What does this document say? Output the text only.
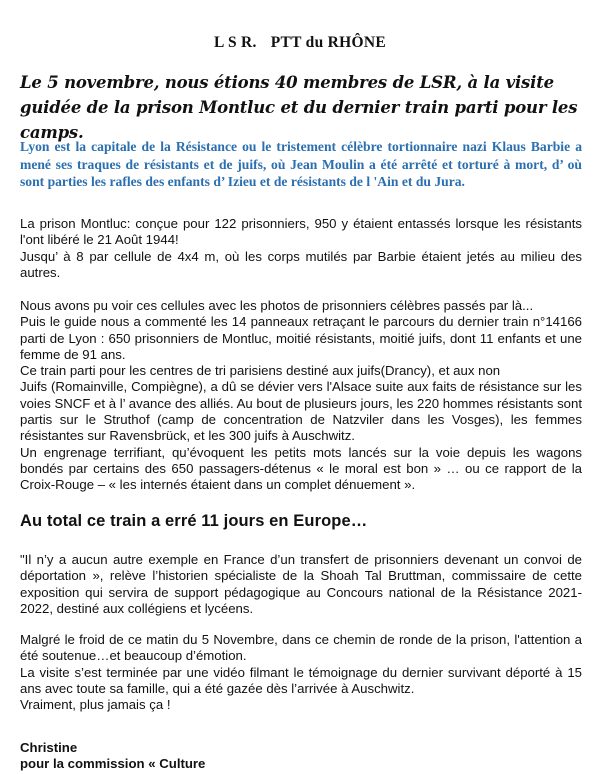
L S R. PTT du RHÔNE
Le 5 novembre, nous étions 40 membres de LSR, à la visite guidée de la prison Montluc et du dernier train parti pour les camps.
Lyon est la capitale de la Résistance ou le tristement célèbre tortionnaire nazi Klaus Barbie a mené ses traques de résistants et de juifs, où Jean Moulin a été arrêté et torturé à mort, d’ où sont parties les rafles des enfants d’ Izieu et de résistants de l 'Ain et du Jura.

La prison Montluc: conçue pour 122 prisonniers, 950 y étaient entassés lorsque les résistants l'ont libéré le 21 Août 1944!

Jusqu’ à 8 par cellule de 4x4 m, où les corps mutilés par Barbie étaient jetés au milieu des autres.

Nous avons pu voir ces cellules avec les photos de prisonniers célèbres passés par là...

Puis le guide nous a commenté les 14 panneaux retraçant le parcours du dernier train n°14166 parti de Lyon : 650 prisonniers de Montluc, moitié résistants, moitié juifs, dont 11 enfants et une femme de 91 ans.

Ce train parti pour les centres de tri parisiens destiné aux juifs(Drancy), et aux non

Juifs (Romainville, Compiègne), a dû se dévier vers l'Alsace suite aux faits de résistance sur les voies SNCF et à l’ avance des alliés. Au bout de plusieurs jours, les 220 hommes résistants sont partis sur le Struthof (camp de concentration de Natzviler dans les Vosges), les femmes résistantes sur Ravensbrück, et les 300 juifs à Auschwitz.

Un engrenage terrifiant, qu’évoquent les petits mots lancés sur la voie depuis les wagons bondés par certains des 650 passagers-détenus « le moral est bon » … ou ce rapport de la Croix-Rouge – « les internés étaient dans un complet dénuement ».

Au total ce train a erré 11 jours en Europe…

"Il n’y a aucun autre exemple en France d’un transfert de prisonniers devenant un convoi de déportation », relève l’historien spécialiste de la Shoah Tal Bruttman, commissaire de cette exposition qui servira de support pédagogique au Concours national de la Résistance 2021-2022, destiné aux collégiens et lycéens.

Malgré le froid de ce matin du 5 Novembre, dans ce chemin de ronde de la prison, l'attention a été soutenue…et beaucoup d’émotion.

La visite s’est terminée par une vidéo filmant le témoignage du dernier survivant déporté à 15 ans avec toute sa famille, qui a été gazée dès l’arrivée à Auschwitz.

Vraiment, plus jamais ça !

Christine
pour la commission « Culture
